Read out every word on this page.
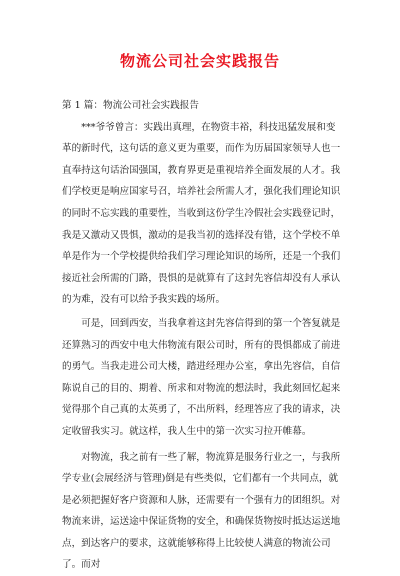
物流公司社会实践报告

第 1 篇：物流公司社会实践报告

***爷爷曾言：实践出真理，在物资丰裕，科技迅猛发展和变革的新时代，这句话的意义更为重要，而作为历届国家领导人也一直奉持这句话治国强国，教育界更是重视培养全面发展的人才。我们学校更是响应国家号召，培养社会所需人才，强化我们理论知识的同时不忘实践的重要性，当收到这份学生冷假社会实践登记时，我是又激动又畏惧，激动的是我当初的选择没有错，这个学校不单单是作为一个学校提供给我们学习理论知识的场所，还是一个我们接近社会所需的门路，畏惧的是就算有了这封先容信却没有人承认的为难，没有可以给予我实践的场所。

可是，回到西安，当我拿着这封先容信得到的第一个答复就是还算熟习的西安中电大伟物流有限公司时，所有的畏惧都成了前进的勇气。当我走进公司大楼，踏进经理办公室，拿出先容信，自信陈说自己的目的、期着、所求和对物流的想法时，我此刻回忆起来觉得那个自己真的太英勇了，不出所料，经理答应了我的请求，决定收留我实习。就这样，我人生中的第一次实习拉开帷幕。

对物流，我之前有一些了解，物流算是服务行业之一，与我所学专业(会展经济与管理)倒是有些类似，它们都有一个共同点，就是必须把握好客户资源和人脉，还需要有一个强有力的团组织。对物流来讲，运送途中保证货物的安全，和确保货物按时抵达运送地点，到达客户的要求，这就能够称得上比较使人满意的物流公司了。而对
